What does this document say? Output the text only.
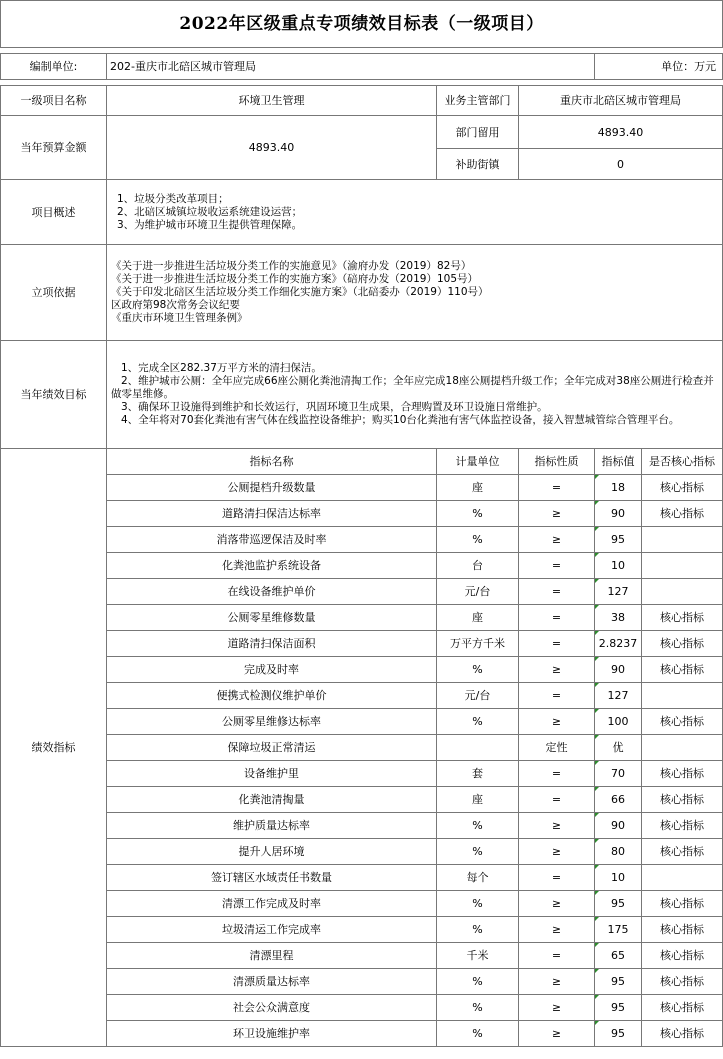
2022年区级重点专项绩效目标表（一级项目）					

编制单位:	202-重庆市北碚区城市管理局			单位：万元	

一级项目名称	环境卫生管理	业务主管部门	重庆市北碚区城市管理局		
当年预算金额	4893.40	部门留用	4893.40		
		补助街镇	0		
项目概述	1、垃圾分类改革项目；
2、北碚区城镇垃圾收运系统建设运营；
3、为维护城市环境卫生提供管理保障。				

立项依据	《关于进一步推进生活垃圾分类工作的实施意见》（渝府办发（2019）82号）
《关于进一步推进生活垃圾分类工作的实施方案》（碚府办发（2019）105号）
《关于印发北碚区生活垃圾分类工作细化实施方案》（北碚委办（2019）110号）
区政府第98次常务会议纪要
《重庆市环境卫生管理条例》				

当年绩效目标	1、完成全区282.37万平方米的清扫保洁。
2、维护城市公厕：全年应完成66座公厕化粪池清掏工作；全年应完成18座公厕提档升级工作；全年完成对38座公厕进行检查并做零星维修。
3、确保环卫设施得到维护和长效运行，巩固环境卫生成果，合理购置及环卫设施日常维护。
4、全年将对70套化粪池有害气体在线监控设备维护；购买10台化粪池有害气体监控设备，接入智慧城管综合管理平台。				

绩效指标	指标名称	计量单位	指标性质	指标值	是否核心指标
	公厕提档升级数量	座	=	18	核心指标
	道路清扫保洁达标率	%	≥	90	核心指标
	消落带巡逻保洁及时率	%	≥	95	
	化粪池监护系统设备	台	=	10	
	在线设备维护单价	元/台	=	127	
	公厕零星维修数量	座	=	38	核心指标
	道路清扫保洁面积	万平方千米	=	2.8237	核心指标
	完成及时率	%	≥	90	核心指标
	便携式检测仪维护单价	元/台	=	127	
	公厕零星维修达标率	%	≥	100	核心指标
	保障垃圾正常清运		定性	优	
	设备维护里	套	=	70	核心指标
	化粪池清掏量	座	=	66	核心指标
	维护质量达标率	%	≥	90	核心指标
	提升人居环境	%	≥	80	核心指标
	签订辖区水域责任书数量	每个	=	10	
	清漂工作完成及时率	%	≥	95	核心指标
	垃圾清运工作完成率	%	≥	175	核心指标
	清漂里程	千米	=	65	核心指标
	清漂质量达标率	%	≥	95	核心指标
	社会公众满意度	%	≥	95	核心指标
	环卫设施维护率	%	≥	95	核心指标
